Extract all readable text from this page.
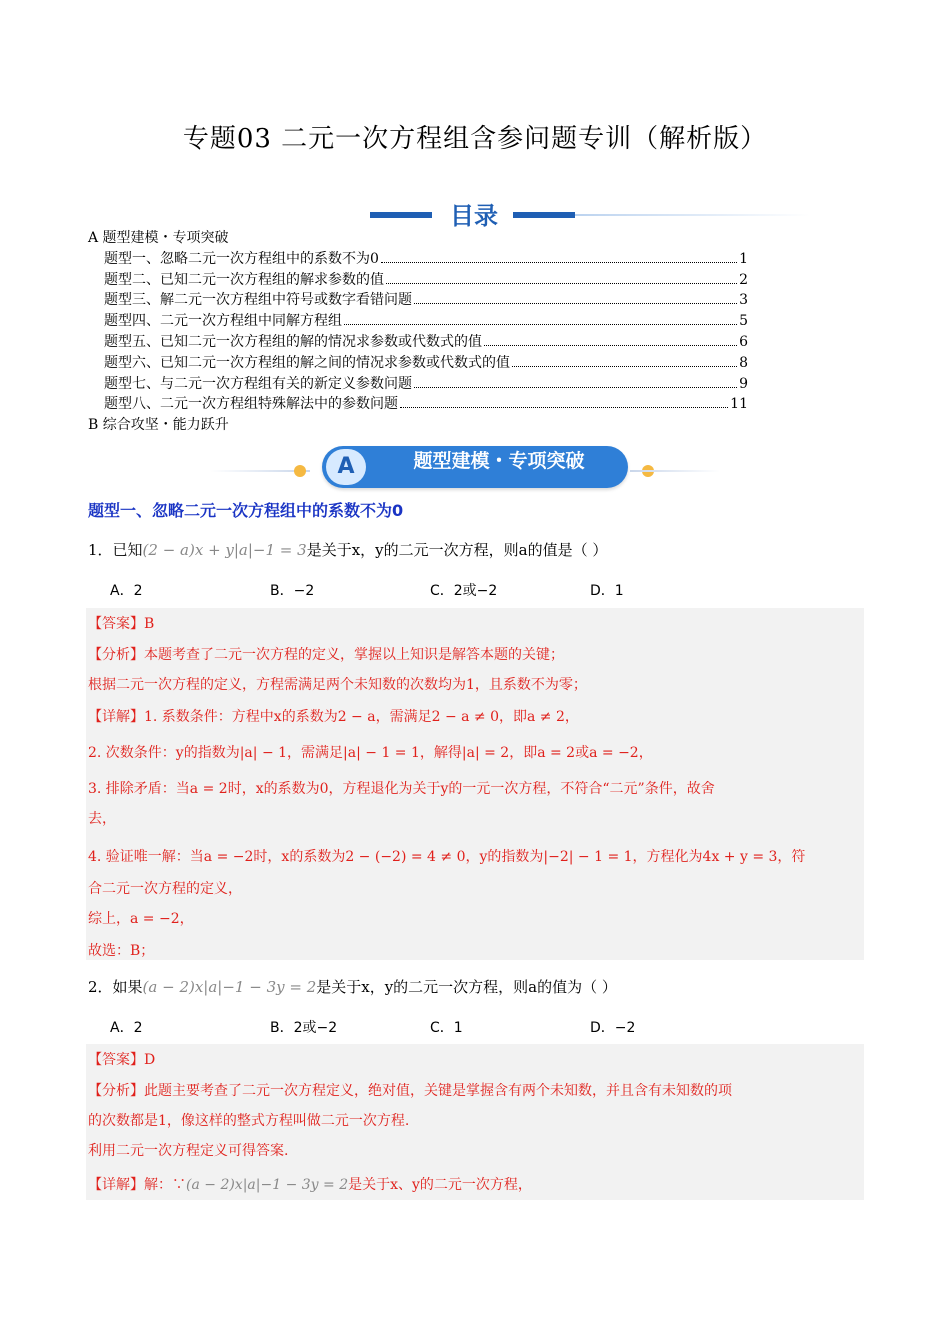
专题03 二元一次方程组含参问题专训（解析版）
目录
A 题型建模・专项突破
题型一、忽略二元一次方程组中的系数不为0	1
题型二、已知二元一次方程组的解求参数的值	2
题型三、解二元一次方程组中符号或数字看错问题	3
题型四、二元一次方程组中同解方程组	5
题型五、已知二元一次方程组的解的情况求参数或代数式的值	6
题型六、已知二元一次方程组的解之间的情况求参数或代数式的值	8
题型七、与二元一次方程组有关的新定义参数问题	9
题型八、二元一次方程组特殊解法中的参数问题	11
B 综合攻坚・能力跃升
A	题型建模・专项突破
题型一、忽略二元一次方程组中的系数不为0
1．已知(2 − a)x + y|a|−1 = 3是关于x，y的二元一次方程，则a的值是（ ）
A．2	B．−2	C．2或−2	D．1
【答案】B
【分析】本题考查了二元一次方程的定义，掌握以上知识是解答本题的关键；
根据二元一次方程的定义，方程需满足两个未知数的次数均为1，且系数不为零；
【详解】1. 系数条件：方程中x的系数为2 − a，需满足2 − a ≠ 0，即a ≠ 2，
2. 次数条件：y的指数为|a| − 1，需满足|a| − 1 = 1，解得|a| = 2，即a = 2或a = −2，
3. 排除矛盾：当a = 2时，x的系数为0，方程退化为关于y的一元一次方程，不符合“二元”条件，故舍
去，
4. 验证唯一解：当a = −2时，x的系数为2 − (−2) = 4 ≠ 0，y的指数为|−2| − 1 = 1，方程化为4x + y = 3，符
合二元一次方程的定义，
综上，a = −2，
故选：B；
2．如果(a − 2)x|a|−1 − 3y = 2是关于x，y的二元一次方程，则a的值为（ ）
A．2	B．2或−2	C．1	D．−2
【答案】D
【分析】此题主要考查了二元一次方程定义，绝对值，关键是掌握含有两个未知数，并且含有未知数的项
的次数都是1，像这样的整式方程叫做二元一次方程.
利用二元一次方程定义可得答案.
【详解】解：∵(a − 2)x|a|−1 − 3y = 2是关于x、y的二元一次方程，
